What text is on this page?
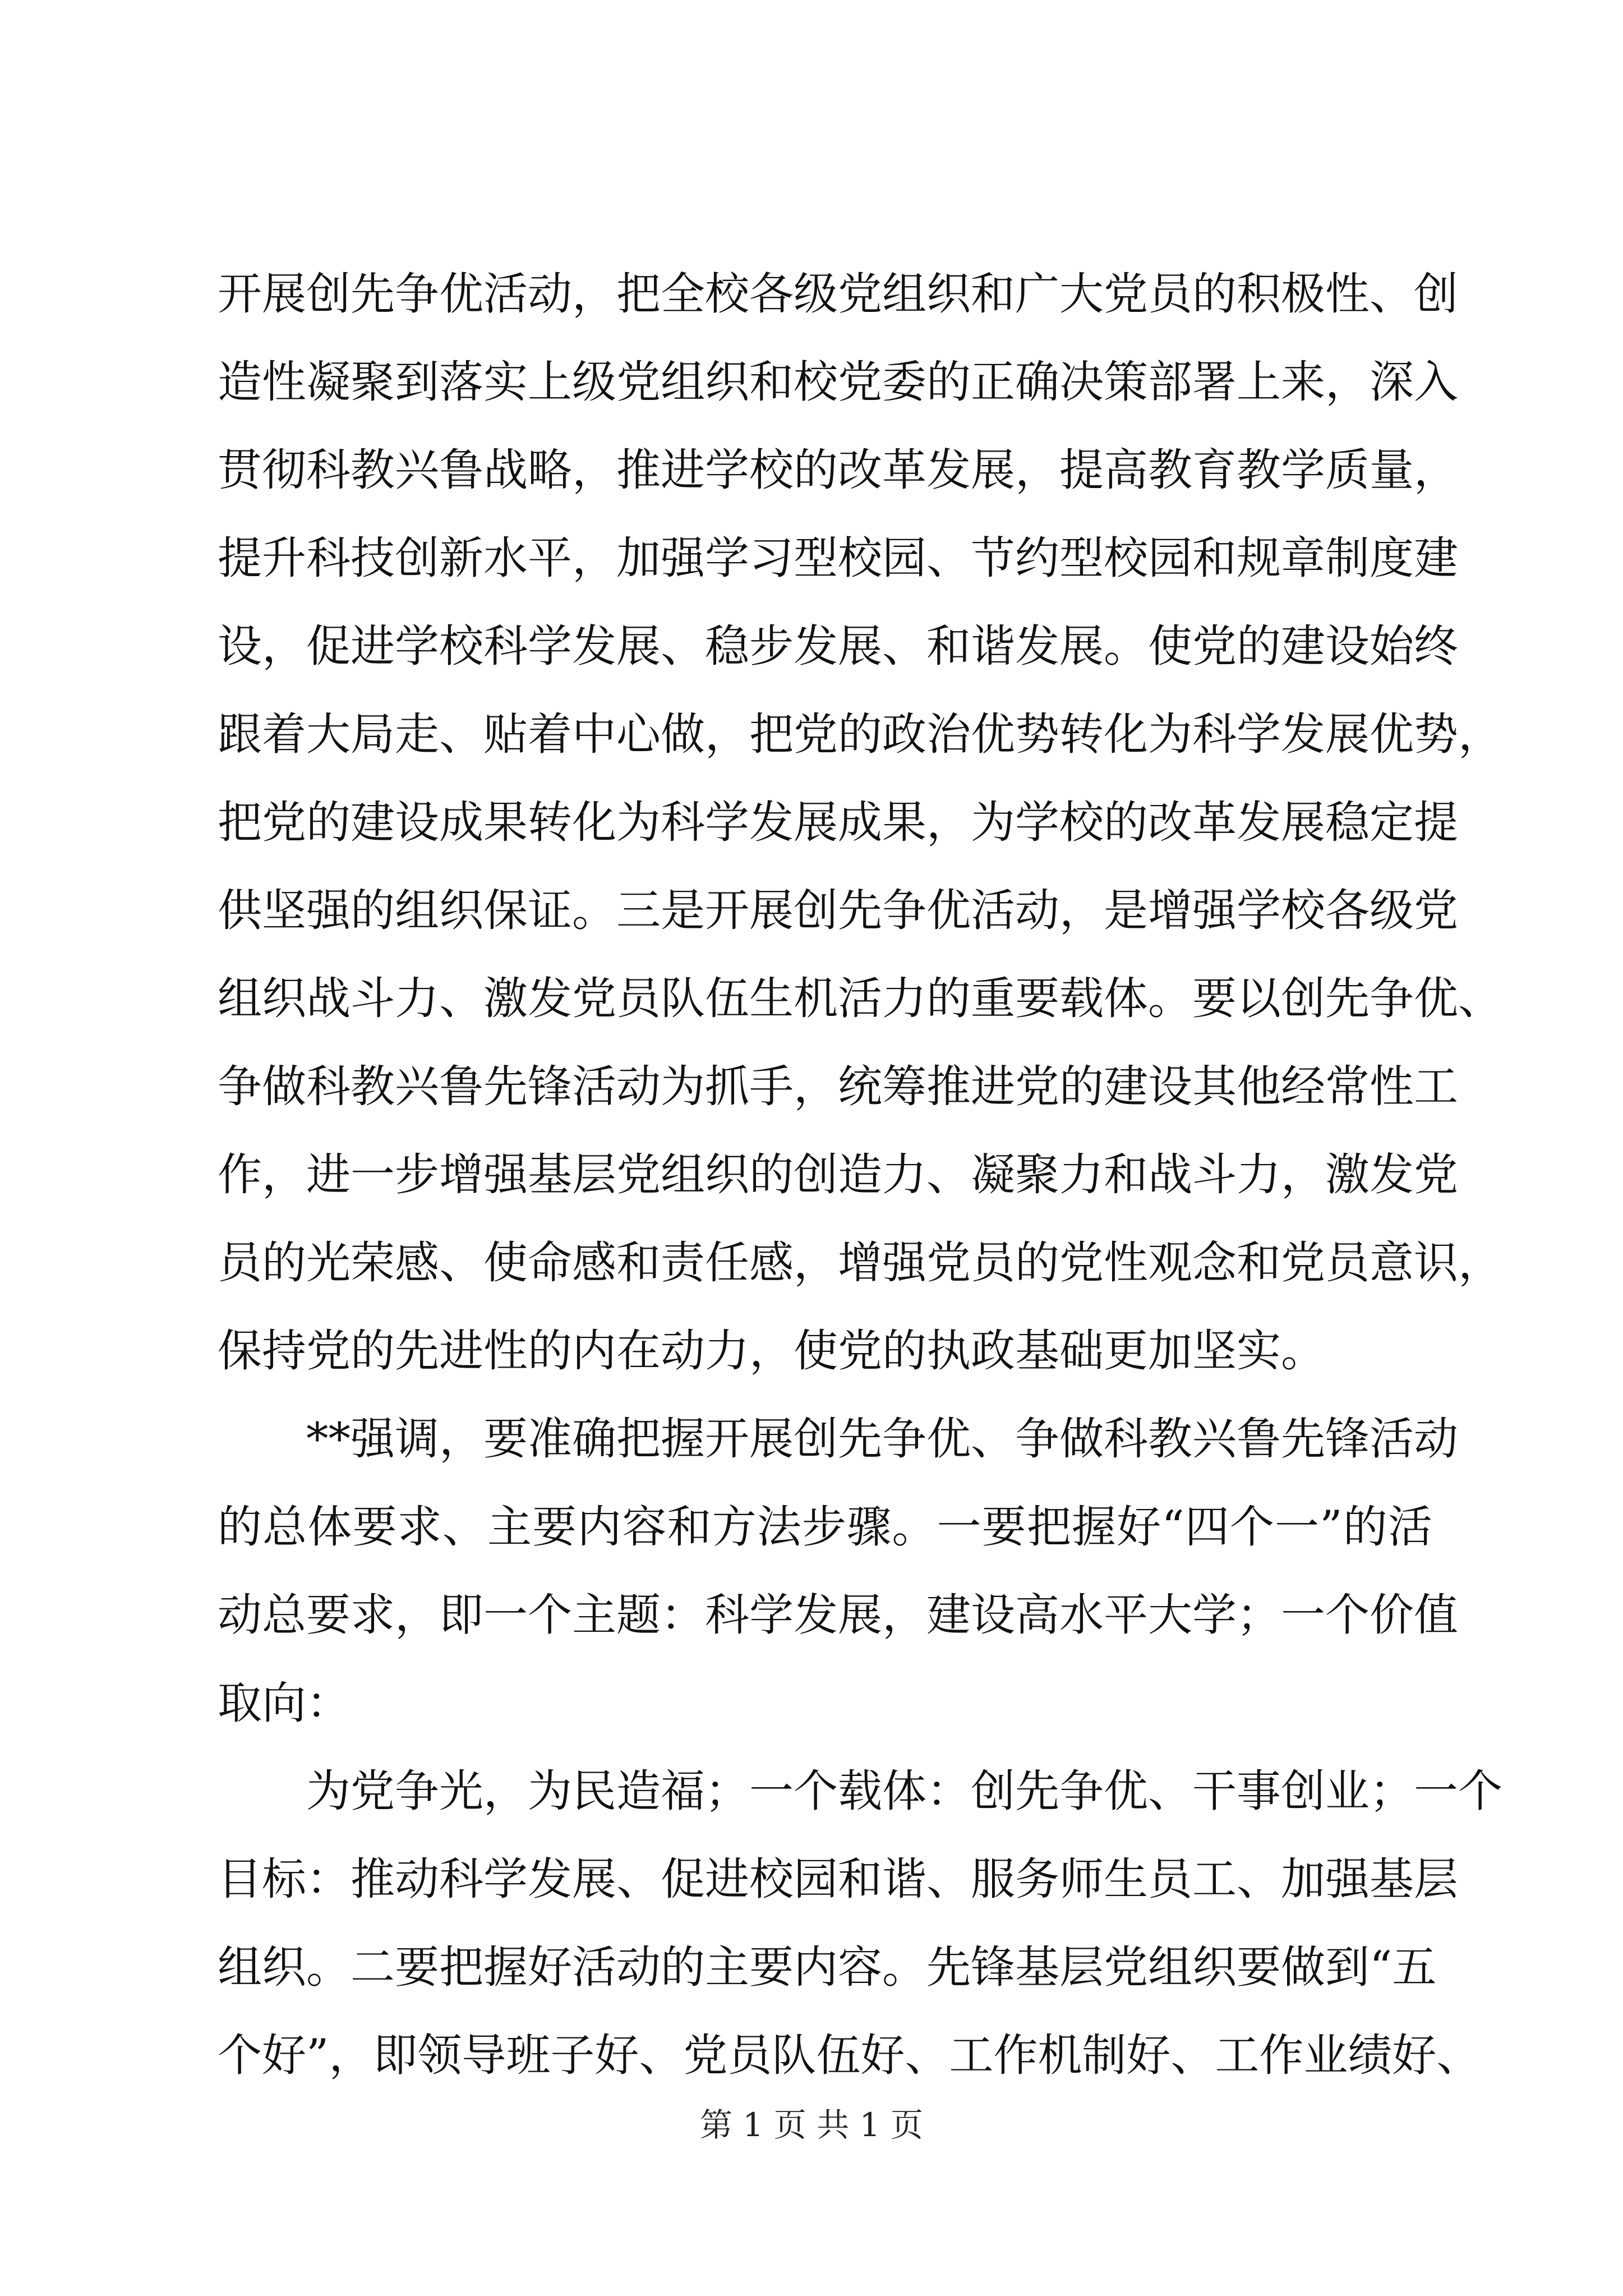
开展创先争优活动，把全校各级党组织和广大党员的积极性、创
造性凝聚到落实上级党组织和校党委的正确决策部署上来，深入
贯彻科教兴鲁战略，推进学校的改革发展，提高教育教学质量，
提升科技创新水平，加强学习型校园、节约型校园和规章制度建
设，促进学校科学发展、稳步发展、和谐发展。使党的建设始终
跟着大局走、贴着中心做，把党的政治优势转化为科学发展优势，
把党的建设成果转化为科学发展成果，为学校的改革发展稳定提
供坚强的组织保证。三是开展创先争优活动，是增强学校各级党
组织战斗力、激发党员队伍生机活力的重要载体。要以创先争优、
争做科教兴鲁先锋活动为抓手，统筹推进党的建设其他经常性工
作，进一步增强基层党组织的创造力、凝聚力和战斗力，激发党
员的光荣感、使命感和责任感，增强党员的党性观念和党员意识，
保持党的先进性的内在动力，使党的执政基础更加坚实。
**强调，要准确把握开展创先争优、争做科教兴鲁先锋活动
的总体要求、主要内容和方法步骤。一要把握好“四个一”的活
动总要求，即一个主题：科学发展，建设高水平大学；一个价值
取向：
为党争光，为民造福；一个载体：创先争优、干事创业；一个
目标：推动科学发展、促进校园和谐、服务师生员工、加强基层
组织。二要把握好活动的主要内容。先锋基层党组织要做到“五
个好”，即领导班子好、党员队伍好、工作机制好、工作业绩好、
第 1 页 共 1 页
